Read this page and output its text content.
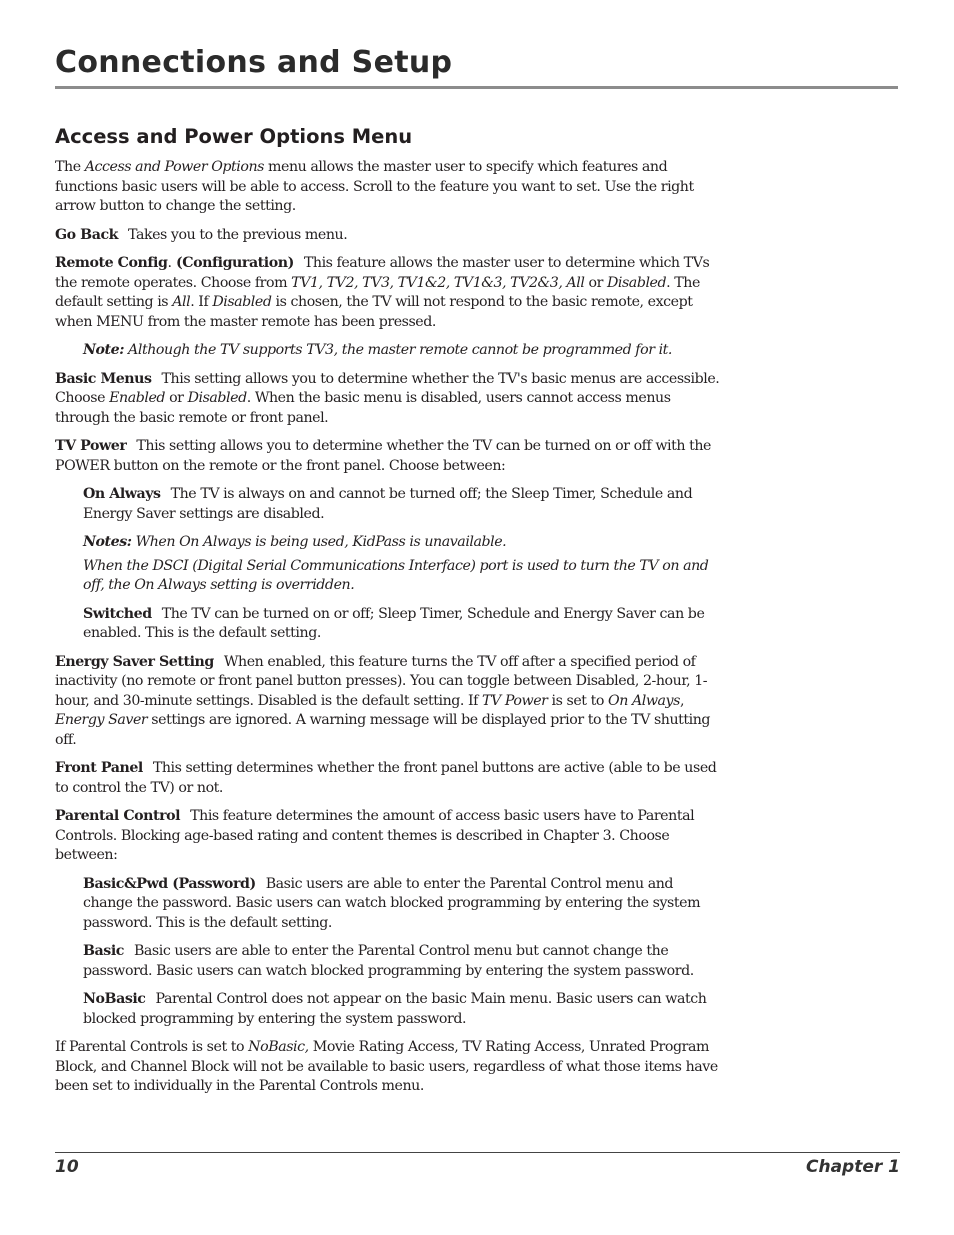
Connections and Setup
Access and Power Options Menu

The Access and Power Options menu allows the master user to specify which features and functions basic users will be able to access. Scroll to the feature you want to set. Use the right arrow button to change the setting.

Go Back Takes you to the previous menu.

Remote Config. (Configuration) This feature allows the master user to determine which TVs the remote operates. Choose from TV1, TV2, TV3, TV1&2, TV1&3, TV2&3, All or Disabled. The default setting is All. If Disabled is chosen, the TV will not respond to the basic remote, except when MENU from the master remote has been pressed.

Note: Although the TV supports TV3, the master remote cannot be programmed for it.

Basic Menus This setting allows you to determine whether the TV's basic menus are accessible. Choose Enabled or Disabled. When the basic menu is disabled, users cannot access menus through the basic remote or front panel.

TV Power This setting allows you to determine whether the TV can be turned on or off with the POWER button on the remote or the front panel. Choose between:

On Always The TV is always on and cannot be turned off; the Sleep Timer, Schedule and Energy Saver settings are disabled.

Notes: When On Always is being used, KidPass is unavailable.

When the DSCI (Digital Serial Communications Interface) port is used to turn the TV on and off, the On Always setting is overridden.

Switched The TV can be turned on or off; Sleep Timer, Schedule and Energy Saver can be enabled. This is the default setting.

Energy Saver Setting When enabled, this feature turns the TV off after a specified period of inactivity (no remote or front panel button presses). You can toggle between Disabled, 2-hour, 1-hour, and 30-minute settings. Disabled is the default setting. If TV Power is set to On Always, Energy Saver settings are ignored. A warning message will be displayed prior to the TV shutting off.

Front Panel This setting determines whether the front panel buttons are active (able to be used to control the TV) or not.

Parental Control This feature determines the amount of access basic users have to Parental Controls. Blocking age-based rating and content themes is described in Chapter 3. Choose between:

Basic&Pwd (Password) Basic users are able to enter the Parental Control menu and change the password. Basic users can watch blocked programming by entering the system password. This is the default setting.

Basic Basic users are able to enter the Parental Control menu but cannot change the password. Basic users can watch blocked programming by entering the system password.

NoBasic Parental Control does not appear on the basic Main menu. Basic users can watch blocked programming by entering the system password.

If Parental Controls is set to NoBasic, Movie Rating Access, TV Rating Access, Unrated Program Block, and Channel Block will not be available to basic users, regardless of what those items have been set to individually in the Parental Controls menu.

10	Chapter 1
